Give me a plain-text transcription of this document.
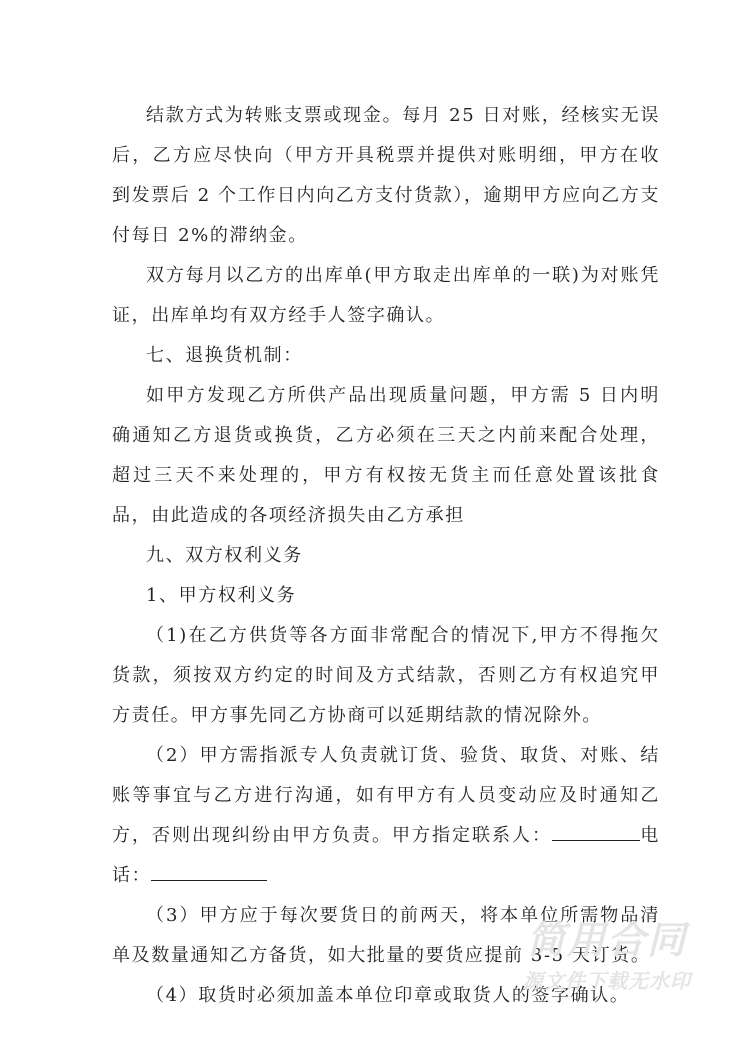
结款方式为转账支票或现金。每月 25 日对账，经核实无误后，乙方应尽快向（甲方开具税票并提供对账明细，甲方在收到发票后 2 个工作日内向乙方支付货款），逾期甲方应向乙方支付每日 2%的滞纳金。

双方每月以乙方的出库单(甲方取走出库单的一联)为对账凭证，出库单均有双方经手人签字确认。

七、退换货机制：

如甲方发现乙方所供产品出现质量问题，甲方需 5 日内明确通知乙方退货或换货，乙方必须在三天之内前来配合处理，超过三天不来处理的，甲方有权按无货主而任意处置该批食品，由此造成的各项经济损失由乙方承担

九、双方权利义务

1、甲方权利义务

（1)在乙方供货等各方面非常配合的情况下,甲方不得拖欠货款，须按双方约定的时间及方式结款，否则乙方有权追究甲方责任。甲方事先同乙方协商可以延期结款的情况除外。

（2）甲方需指派专人负责就订货、验货、取货、对账、结账等事宜与乙方进行沟通，如有甲方有人员变动应及时通知乙方，否则出现纠纷由甲方负责。甲方指定联系人：	电话：

（3）甲方应于每次要货日的前两天，将本单位所需物品清单及数量通知乙方备货，如大批量的要货应提前 3-5 天订货。

（4）取货时必须加盖本单位印章或取货人的签字确认。

简用合同
源文件下载无水印
